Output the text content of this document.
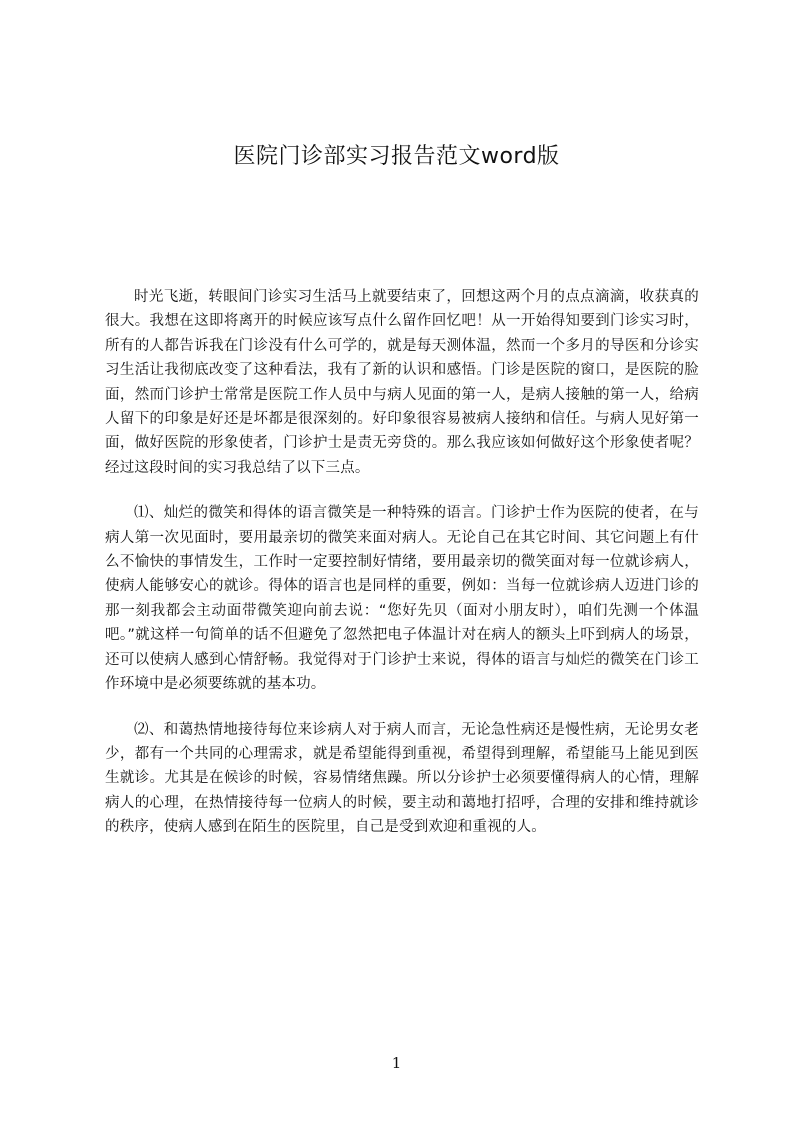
医院门诊部实习报告范文word版

时光飞逝，转眼间门诊实习生活马上就要结束了，回想这两个月的点点滴滴，收获真的很大。我想在这即将离开的时候应该写点什么留作回忆吧！从一开始得知要到门诊实习时，所有的人都告诉我在门诊没有什么可学的，就是每天测体温，然而一个多月的导医和分诊实习生活让我彻底改变了这种看法，我有了新的认识和感悟。门诊是医院的窗口，是医院的脸面，然而门诊护士常常是医院工作人员中与病人见面的第一人，是病人接触的第一人，给病人留下的印象是好还是坏都是很深刻的。好印象很容易被病人接纳和信任。与病人见好第一面，做好医院的形象使者，门诊护士是责无旁贷的。那么我应该如何做好这个形象使者呢？经过这段时间的实习我总结了以下三点。

⑴、灿烂的微笑和得体的语言微笑是一种特殊的语言。门诊护士作为医院的使者，在与病人第一次见面时，要用最亲切的微笑来面对病人。无论自己在其它时间、其它问题上有什么不愉快的事情发生，工作时一定要控制好情绪，要用最亲切的微笑面对每一位就诊病人，使病人能够安心的就诊。得体的语言也是同样的重要，例如：当每一位就诊病人迈进门诊的那一刻我都会主动面带微笑迎向前去说：“您好先贝（面对小朋友时），咱们先测一个体温吧。”就这样一句简单的话不但避免了忽然把电子体温计对在病人的额头上吓到病人的场景，还可以使病人感到心情舒畅。我觉得对于门诊护士来说，得体的语言与灿烂的微笑在门诊工作环境中是必须要练就的基本功。

⑵、和蔼热情地接待每位来诊病人对于病人而言，无论急性病还是慢性病，无论男女老少，都有一个共同的心理需求，就是希望能得到重视，希望得到理解，希望能马上能见到医生就诊。尤其是在候诊的时候，容易情绪焦躁。所以分诊护士必须要懂得病人的心情，理解病人的心理，在热情接待每一位病人的时候，要主动和蔼地打招呼，合理的安排和维持就诊的秩序，使病人感到在陌生的医院里，自己是受到欢迎和重视的人。

1
